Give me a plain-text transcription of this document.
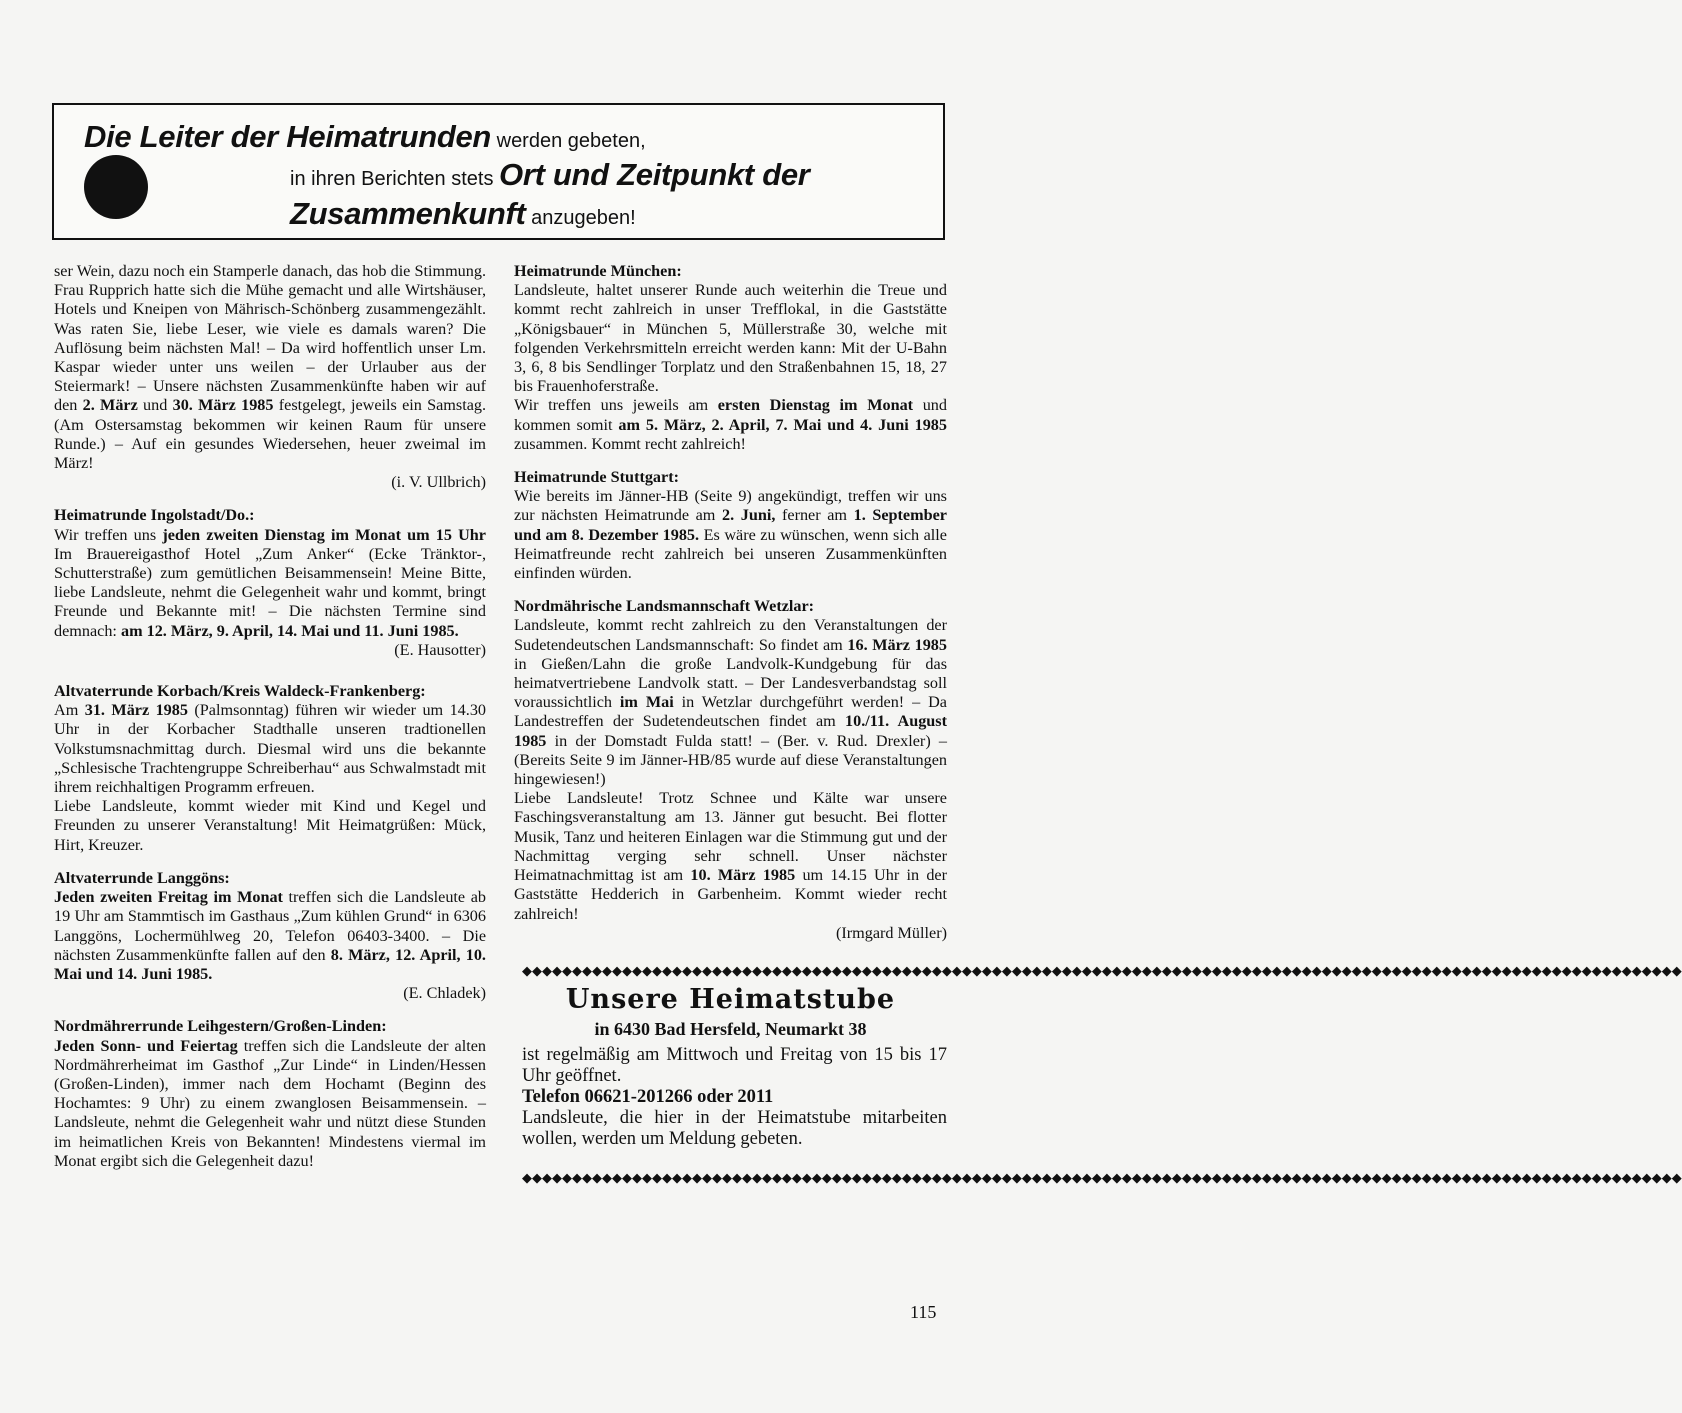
Die Leiter der Heimatrunden werden gebeten,
in ihren Berichten stets Ort und Zeitpunkt der
Zusammenkunft anzugeben!

ser Wein, dazu noch ein Stamperle danach, das hob die Stimmung. Frau Rupprich hatte sich die Mühe gemacht und alle Wirtshäuser, Hotels und Kneipen von Mährisch-Schönberg zusammengezählt. Was raten Sie, liebe Leser, wie viele es damals waren? Die Auflösung beim nächsten Mal! – Da wird hoffentlich unser Lm. Kaspar wieder unter uns weilen – der Urlauber aus der Steiermark! – Unsere nächsten Zusammenkünfte haben wir auf den 2. März und 30. März 1985 festgelegt, jeweils ein Samstag. (Am Ostersamstag bekommen wir keinen Raum für unsere Runde.) – Auf ein gesundes Wiedersehen, heuer zweimal im März!

(i. V. Ullbrich)

Heimatrunde Ingolstadt/Do.:

Wir treffen uns jeden zweiten Dienstag im Monat um 15 Uhr Im Brauereigasthof Hotel „Zum Anker“ (Ecke Tränktor-, Schutterstraße) zum gemütlichen Beisammensein! Meine Bitte, liebe Landsleute, nehmt die Gelegenheit wahr und kommt, bringt Freunde und Bekannte mit! – Die nächsten Termine sind demnach: am 12. März, 9. April, 14. Mai und 11. Juni 1985.

(E. Hausotter)

Altvaterrunde Korbach/Kreis Waldeck-Frankenberg:

Am 31. März 1985 (Palmsonntag) führen wir wieder um 14.30 Uhr in der Korbacher Stadthalle unseren tradtionellen Volkstumsnachmittag durch. Diesmal wird uns die bekannte „Schlesische Trachtengruppe Schreiberhau“ aus Schwalmstadt mit ihrem reichhaltigen Programm erfreuen.

Liebe Landsleute, kommt wieder mit Kind und Kegel und Freunden zu unserer Veranstaltung! Mit Heimatgrüßen: Mück, Hirt, Kreuzer.

Altvaterrunde Langgöns:

Jeden zweiten Freitag im Monat treffen sich die Landsleute ab 19 Uhr am Stammtisch im Gasthaus „Zum kühlen Grund“ in 6306 Langgöns, Lochermühlweg 20, Telefon 06403-3400. – Die nächsten Zusammenkünfte fallen auf den 8. März, 12. April, 10. Mai und 14. Juni 1985.

(E. Chladek)

Nordmährerrunde Leihgestern/Großen-Linden:

Jeden Sonn- und Feiertag treffen sich die Landsleute der alten Nordmährerheimat im Gasthof „Zur Linde“ in Linden/Hessen (Großen-Linden), immer nach dem Hochamt (Beginn des Hochamtes: 9 Uhr) zu einem zwanglosen Beisammensein. – Landsleute, nehmt die Gelegenheit wahr und nützt diese Stunden im heimatlichen Kreis von Bekannten! Mindestens viermal im Monat ergibt sich die Gelegenheit dazu!

Heimatrunde München:

Landsleute, haltet unserer Runde auch weiterhin die Treue und kommt recht zahlreich in unser Trefflokal, in die Gaststätte „Königsbauer“ in München 5, Müllerstraße 30, welche mit folgenden Verkehrsmitteln erreicht werden kann: Mit der U-Bahn 3, 6, 8 bis Sendlinger Torplatz und den Straßenbahnen 15, 18, 27 bis Frauenhoferstraße.

Wir treffen uns jeweils am ersten Dienstag im Monat und kommen somit am 5. März, 2. April, 7. Mai und 4. Juni 1985 zusammen. Kommt recht zahlreich!

Heimatrunde Stuttgart:

Wie bereits im Jänner-HB (Seite 9) angekündigt, treffen wir uns zur nächsten Heimatrunde am 2. Juni, ferner am 1. September und am 8. Dezember 1985. Es wäre zu wünschen, wenn sich alle Heimatfreunde recht zahlreich bei unseren Zusammenkünften einfinden würden.

Nordmährische Landsmannschaft Wetzlar:

Landsleute, kommt recht zahlreich zu den Veranstaltungen der Sudetendeutschen Landsmannschaft: So findet am 16. März 1985 in Gießen/Lahn die große Landvolk-Kundgebung für das heimatvertriebene Landvolk statt. – Der Landesverbandstag soll voraussichtlich im Mai in Wetzlar durchgeführt werden! – Da Landestreffen der Sudetendeutschen findet am 10./11. August 1985 in der Domstadt Fulda statt! – (Ber. v. Rud. Drexler) – (Bereits Seite 9 im Jänner-HB/85 wurde auf diese Veranstaltungen hingewiesen!)

Liebe Landsleute! Trotz Schnee und Kälte war unsere Faschingsveranstaltung am 13. Jänner gut besucht. Bei flotter Musik, Tanz und heiteren Einlagen war die Stimmung gut und der Nachmittag verging sehr schnell. Unser nächster Heimatnachmittag ist am 10. März 1985 um 14.15 Uhr in der Gaststätte Hedderich in Garbenheim. Kommt wieder recht zahlreich!

(Irmgard Müller)
◆◆◆◆◆◆◆◆◆◆◆◆◆◆◆◆◆◆◆◆◆◆◆◆◆◆◆◆◆◆◆◆◆◆◆◆◆◆◆◆◆◆◆◆◆◆◆◆◆◆◆◆◆◆◆◆◆◆◆◆◆◆◆◆◆◆◆◆◆◆◆◆◆◆◆◆◆◆◆◆◆◆◆◆◆◆◆◆◆◆◆◆◆◆◆◆◆◆◆◆◆◆◆◆◆◆◆◆◆◆◆◆◆◆◆◆
Unsere Heimatstube
in 6430 Bad Hersfeld, Neumarkt 38

ist regelmäßig am Mittwoch und Freitag von 15 bis 17 Uhr geöffnet.

Telefon 06621-201266 oder 2011

Landsleute, die hier in der Heimatstube mitarbeiten wollen, werden um Meldung gebeten.

◆◆◆◆◆◆◆◆◆◆◆◆◆◆◆◆◆◆◆◆◆◆◆◆◆◆◆◆◆◆◆◆◆◆◆◆◆◆◆◆◆◆◆◆◆◆◆◆◆◆◆◆◆◆◆◆◆◆◆◆◆◆◆◆◆◆◆◆◆◆◆◆◆◆◆◆◆◆◆◆◆◆◆◆◆◆◆◆◆◆◆◆◆◆◆◆◆◆◆◆◆◆◆◆◆◆◆◆◆◆◆◆◆◆◆◆
115
